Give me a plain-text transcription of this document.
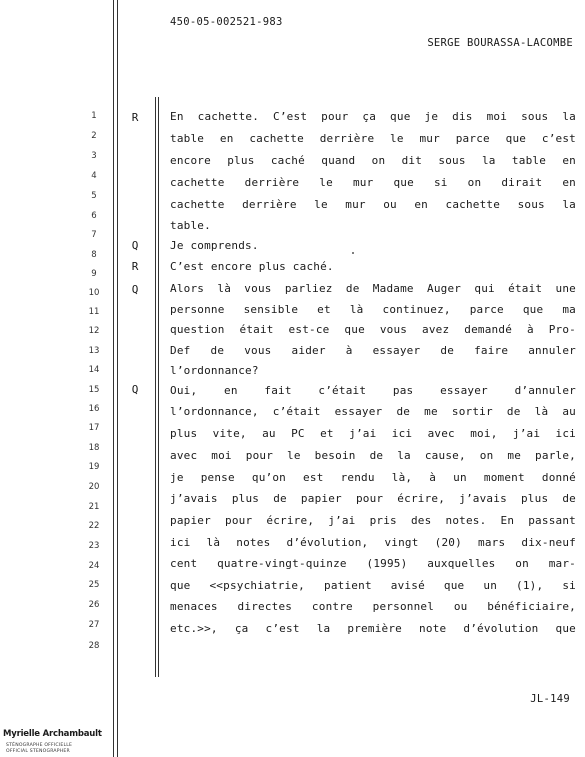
450-05-002521-983
SERGE BOURASSA-LACOMBE
1
2
3
4
5
6
7
8
9
10
11
12
13
14
15
16
17
18
19
20
21
22
23
24
25
26
27
28
R
Q
R
Q
Q
En cachette. C’est pour ça que je dis moi sous la
table en cachette derrière le mur parce que c’est
encore plus caché quand on dit sous la table en
cachette derrière le mur que si on dirait en
cachette derrière le mur ou en cachette sous la
table.
Je comprends.
C’est encore plus caché.
Alors là vous parliez de Madame Auger qui était une
personne sensible et là continuez, parce que ma
question était est-ce que vous avez demandé à Pro-
Def de vous aider à essayer de faire annuler
l’ordonnance?
Oui, en fait c’était pas essayer d’annuler
l’ordonnance, c’était essayer de me sortir de là au
plus vite, au PC et j’ai ici avec moi, j’ai ici
avec moi pour le besoin de la cause, on me parle,
je pense qu’on est rendu là, à un moment donné
j’avais plus de papier pour écrire, j’avais plus de
papier pour écrire, j’ai pris des notes. En passant
ici là notes d’évolution, vingt (20) mars dix-neuf
cent quatre-vingt-quinze (1995) auxquelles on mar-
que <<psychiatrie, patient avisé que un (1), si
menaces directes contre personnel ou bénéficiaire,
etc.>>, ça c’est la première note d’évolution que
JL-149
Myrielle Archambault
STÉNOGRAPHE OFFICIELLE
OFFICIAL STENOGRAPHER
